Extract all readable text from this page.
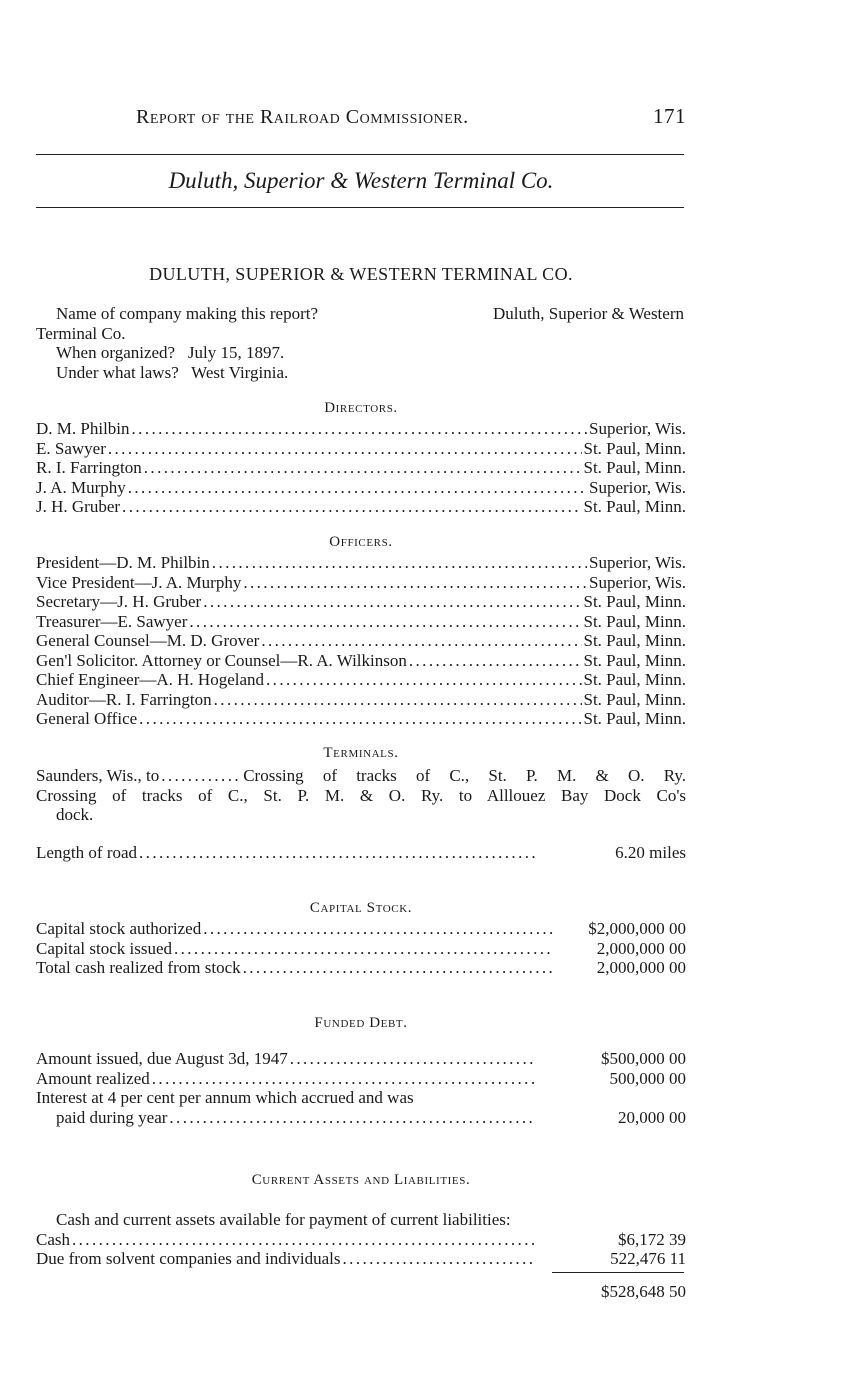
Report of the Railroad Commissioner.	171
Duluth, Superior & Western Terminal Co.
DULUTH, SUPERIOR & WESTERN TERMINAL CO.
Name of company making this report?	Duluth, Superior & Western
Terminal Co.
When organized?   July 15, 1897.
Under what laws?   West Virginia.
Directors.
D. M. Philbin .....	Superior, Wis.
E. Sawyer .....	St. Paul, Minn.
R. I. Farrington .....	St. Paul, Minn.
J. A. Murphy .....	Superior, Wis.
J. H. Gruber .....	St. Paul, Minn.
Officers.
President—D. M. Philbin .....	Superior, Wis.
Vice President—J. A. Murphy .....	Superior, Wis.
Secretary—J. H. Gruber .....	St. Paul, Minn.
Treasurer—E. Sawyer .....	St. Paul, Minn.
General Counsel—M. D. Grover .....	St. Paul, Minn.
Gen'l Solicitor. Attorney or Counsel—R. A. Wilkinson .....	St. Paul, Minn.
Chief Engineer—A. H. Hogeland .....	St. Paul, Minn.
Auditor—R. I. Farrington .....	St. Paul, Minn.
General Office .....	St. Paul, Minn.
Terminals.
Saunders, Wis., to .....	Crossing of tracks of C., St. P. M. & O. Ry.
Crossing of tracks of C., St. P. M. & O. Ry. to Alllouez Bay Dock Co's
dock.
Length of road .....	6.20 miles
Capital Stock.
Capital stock authorized .....	$2,000,000 00
Capital stock issued .....	2,000,000 00
Total cash realized from stock .....	2,000,000 00
Funded Debt.
Amount issued, due August 3d, 1947 .....	$500,000 00
Amount realized .....	500,000 00
Interest at 4 per cent per annum which accrued and was
paid during year .....	20,000 00
Current Assets and Liabilities.
Cash and current assets available for payment of current liabilities:
Cash .....	$6,172 39
Due from solvent companies and individuals .....	522,476 11
$528,648 50
